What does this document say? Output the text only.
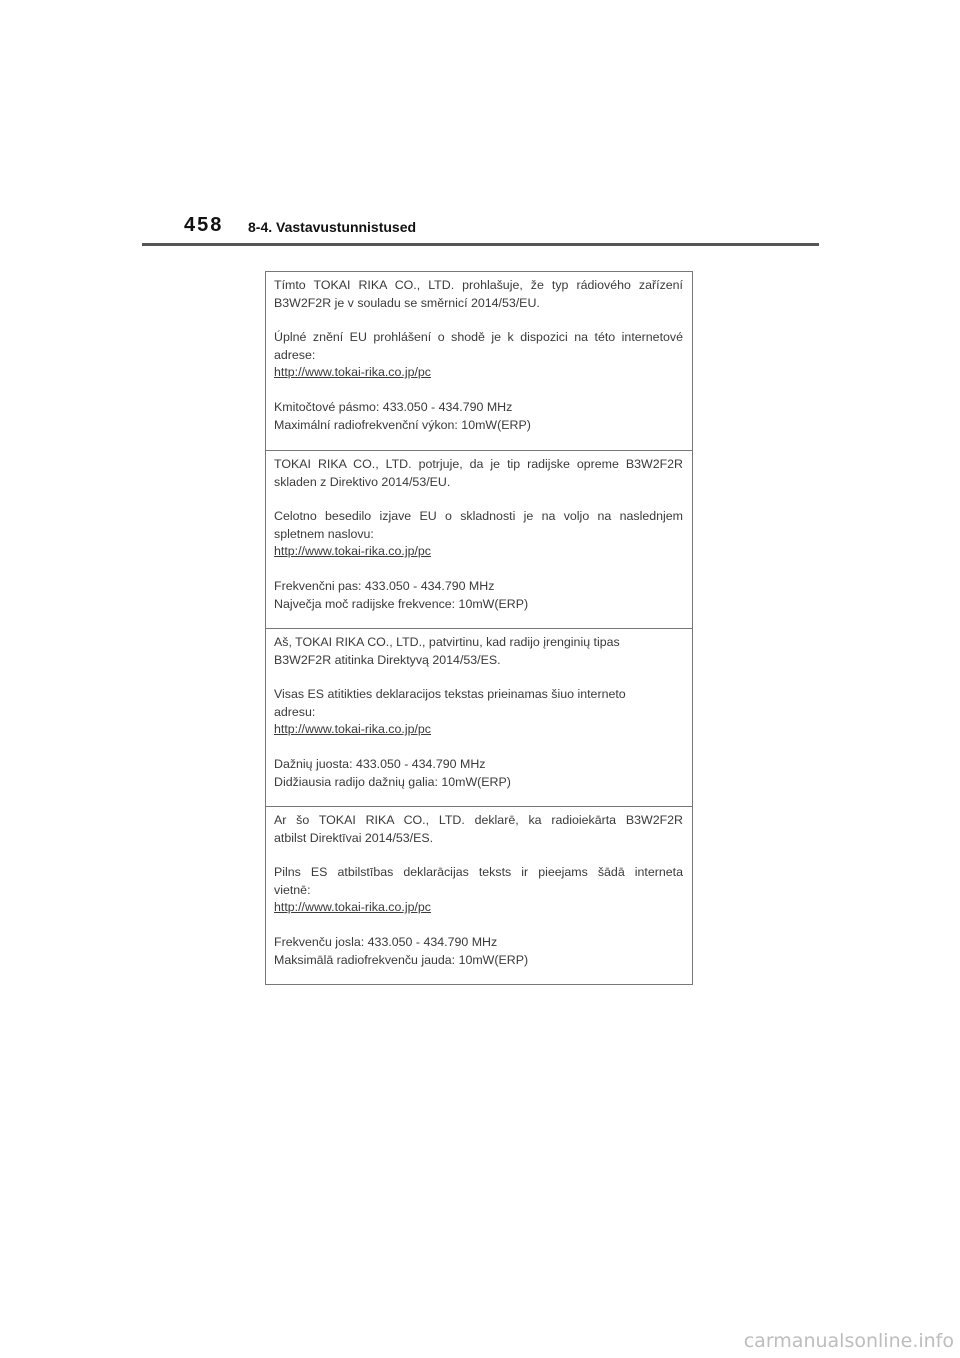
458 8-4. Vastavustunnistused

Tímto TOKAI RIKA CO., LTD. prohlašuje, že typ rádiového zařízení

B3W2F2R je v souladu se směrnicí 2014/53/EU.

Úplné znění EU prohlášení o shodě je k dispozici na této internetové

adrese:

http://www.tokai-rika.co.jp/pc

Kmitočtové pásmo: 433.050 - 434.790 MHz

Maximální radiofrekvenční výkon: 10mW(ERP)

TOKAI RIKA CO., LTD. potrjuje, da je tip radijske opreme B3W2F2R

skladen z Direktivo 2014/53/EU.

Celotno besedilo izjave EU o skladnosti je na voljo na naslednjem

spletnem naslovu:

http://www.tokai-rika.co.jp/pc

Frekvenčni pas: 433.050 - 434.790 MHz

Največja moč radijske frekvence: 10mW(ERP)

Aš, TOKAI RIKA CO., LTD., patvirtinu, kad radijo įrenginių tipas

B3W2F2R atitinka Direktyvą 2014/53/ES.

Visas ES atitikties deklaracijos tekstas prieinamas šiuo interneto

adresu:

http://www.tokai-rika.co.jp/pc

Dažnių juosta: 433.050 - 434.790 MHz

Didžiausia radijo dažnių galia: 10mW(ERP)

Ar šo TOKAI RIKA CO., LTD. deklarē, ka radioiekārta B3W2F2R

atbilst Direktīvai 2014/53/ES.

Pilns ES atbilstības deklarācijas teksts ir pieejams šādā interneta

vietnē:

http://www.tokai-rika.co.jp/pc

Frekvenču josla: 433.050 - 434.790 MHz

Maksimālā radiofrekvenču jauda: 10mW(ERP)

carmanualsonline.info
